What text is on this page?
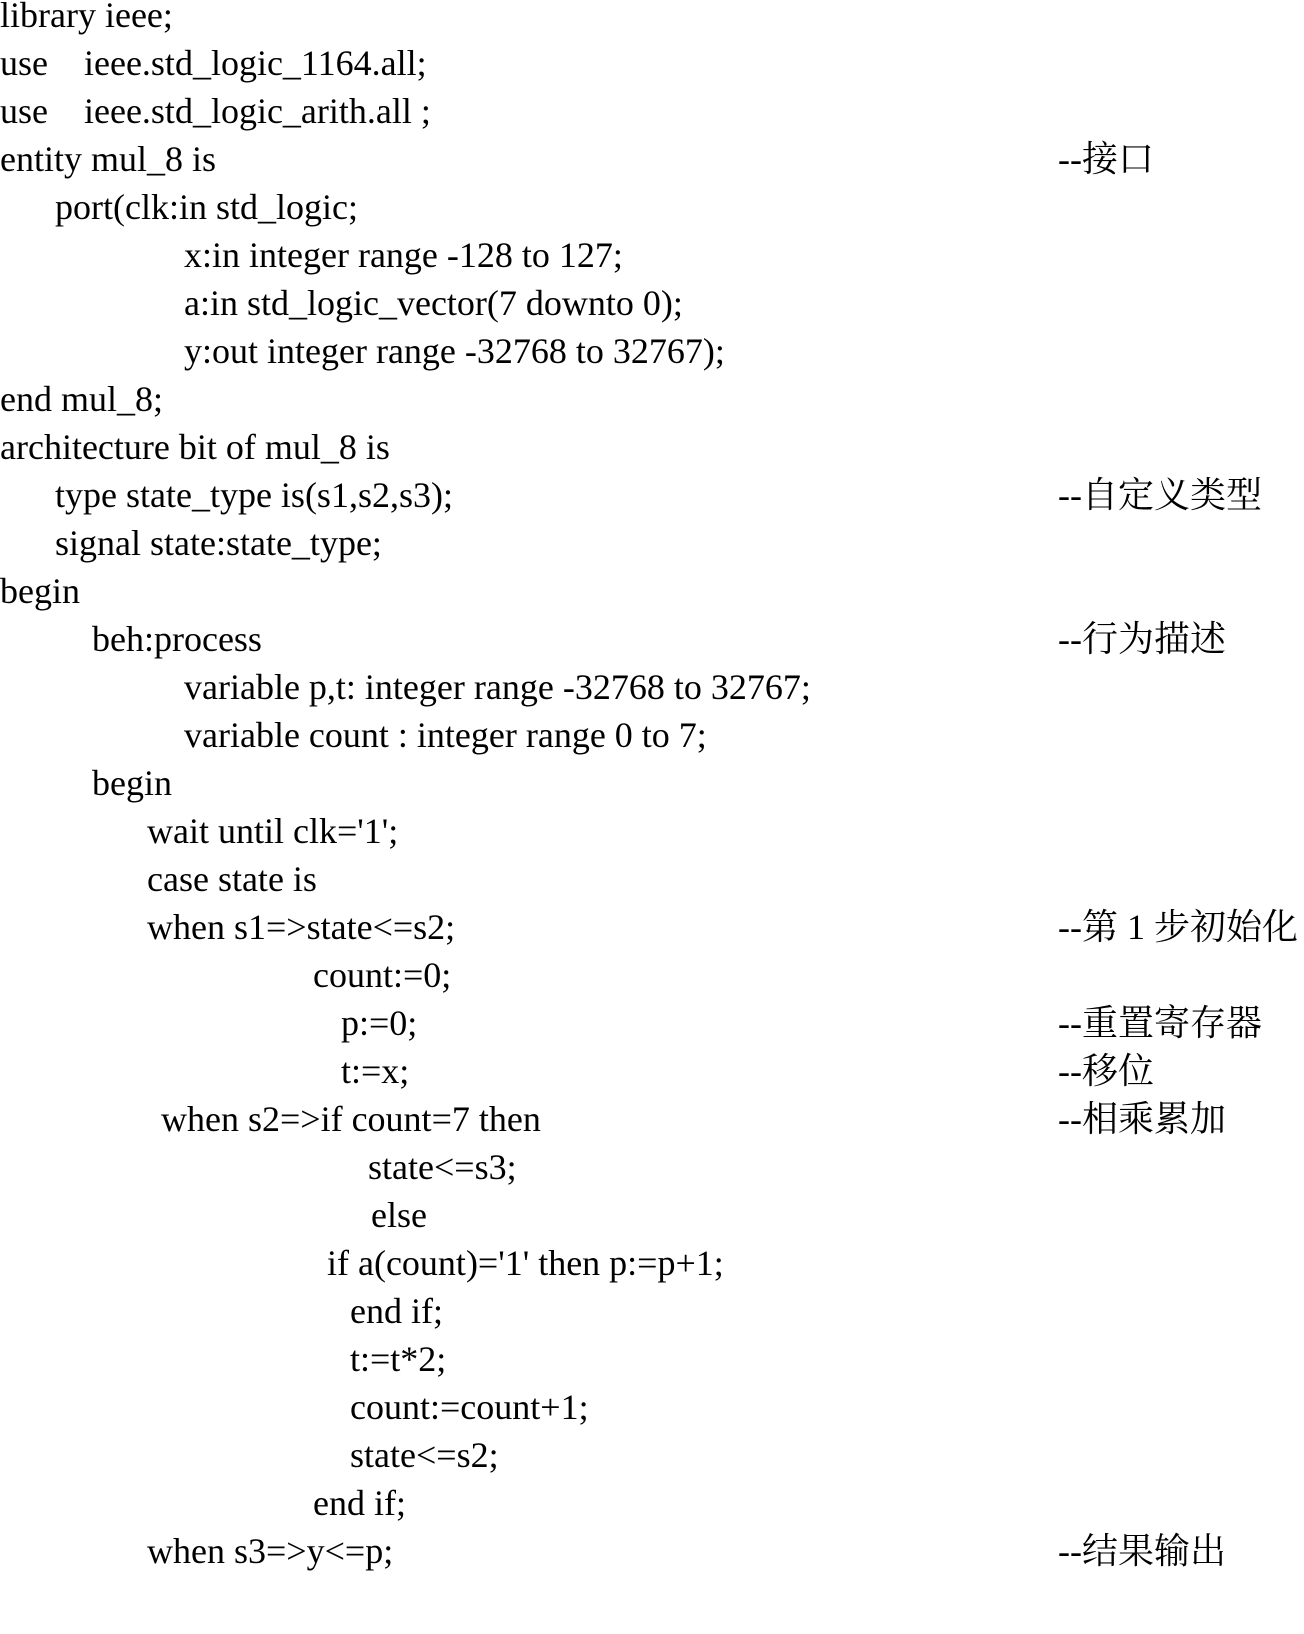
library ieee;
use    ieee.std_logic_1164.all;
use    ieee.std_logic_arith.all ;
entity mul_8 is	--接口
port(clk:in std_logic;
x:in integer range -128 to 127;
a:in std_logic_vector(7 downto 0);
y:out integer range -32768 to 32767);
end mul_8;
architecture bit of mul_8 is
type state_type is(s1,s2,s3);	--自定义类型
signal state:state_type;
begin
beh:process	--行为描述
variable p,t: integer range -32768 to 32767;
variable count : integer range 0 to 7;
begin
wait until clk='1';
case state is
when s1=>state<=s2;	--第 1 步初始化
count:=0;
p:=0;	--重置寄存器
t:=x;	--移位
when s2=>if count=7 then	--相乘累加
state<=s3;
else
if a(count)='1' then p:=p+1;
end if;
t:=t*2;
count:=count+1;
state<=s2;
end if;
when s3=>y<=p;	--结果输出
